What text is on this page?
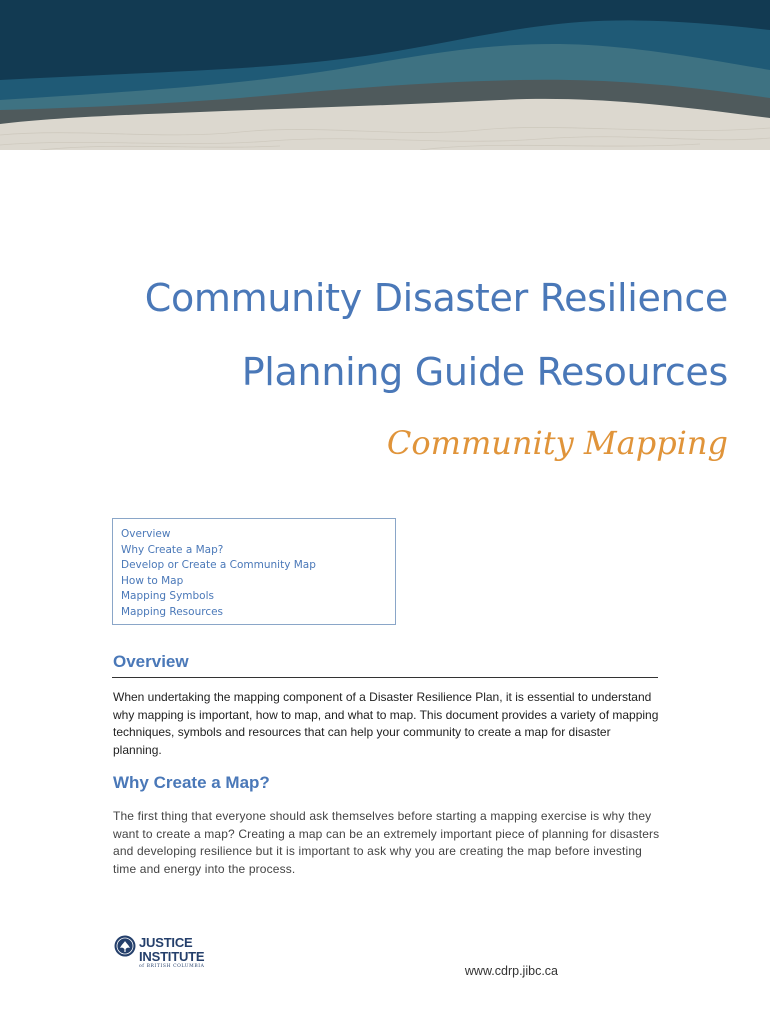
Community Disaster Resilience
Planning Guide Resources
Community Mapping
Overview
Why Create a Map?
Develop or Create a Community Map
How to Map
Mapping Symbols
Mapping Resources
Overview

When undertaking the mapping component of a Disaster Resilience Plan, it is essential to understand why mapping is important, how to map, and what to map. This document provides a variety of mapping techniques, symbols and resources that can help your community to create a map for disaster planning.

Why Create a Map?

The first thing that everyone should ask themselves before starting a mapping exercise is why they want to create a map? Creating a map can be an extremely important piece of planning for disasters and developing resilience but it is important to ask why you are creating the map before investing time and energy into the process.

JUSTICE
INSTITUTE
of BRITISH COLUMBIA	www.cdrp.jibc.ca
